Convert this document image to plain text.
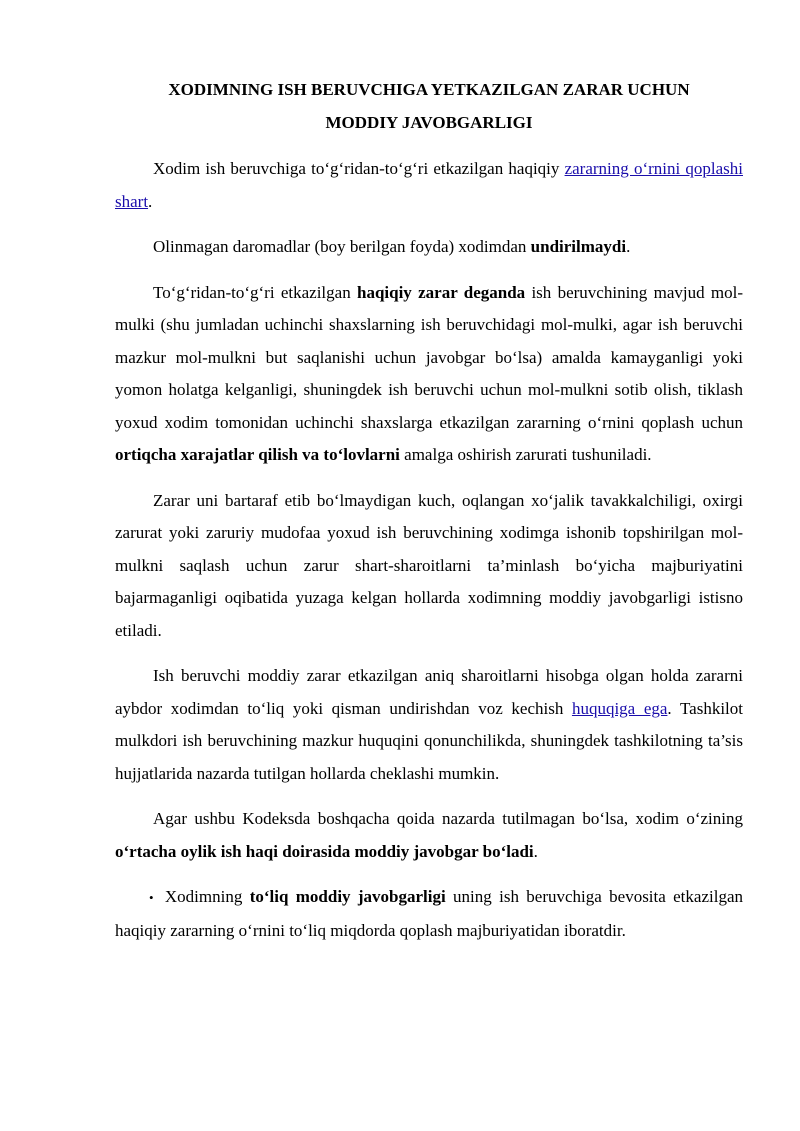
XODIMNING ISH BERUVCHIGA YETKAZILGAN ZARAR UCHUN
MODDIY JAVOBGARLIGI

Xodim ish beruvchiga to‘g‘ridan-to‘g‘ri etkazilgan haqiqiy zararning o‘rnini qoplashi shart.

Olinmagan daromadlar (boy berilgan foyda) xodimdan undirilmaydi.

To‘g‘ridan-to‘g‘ri etkazilgan haqiqiy zarar deganda ish beruvchining mavjud mol-mulki (shu jumladan uchinchi shaxslarning ish beruvchidagi mol-mulki, agar ish beruvchi mazkur mol-mulkni but saqlanishi uchun javobgar bo‘lsa) amalda kamayganligi yoki yomon holatga kelganligi, shuningdek ish beruvchi uchun mol-mulkni sotib olish, tiklash yoxud xodim tomonidan uchinchi shaxslarga etkazilgan zararning o‘rnini qoplash uchun ortiqcha xarajatlar qilish va to‘lovlarni amalga oshirish zarurati tushuniladi.

Zarar uni bartaraf etib bo‘lmaydigan kuch, oqlangan xo‘jalik tavakkalchiligi, oxirgi zarurat yoki zaruriy mudofaa yoxud ish beruvchining xodimga ishonib topshirilgan mol-mulkni saqlash uchun zarur shart-sharoitlarni ta’minlash bo‘yicha majburiyatini bajarmaganligi oqibatida yuzaga kelgan hollarda xodimning moddiy javobgarligi istisno etiladi.

Ish beruvchi moddiy zarar etkazilgan aniq sharoitlarni hisobga olgan holda zararni aybdor xodimdan to‘liq yoki qisman undirishdan voz kechish huquqiga ega. Tashkilot mulkdori ish beruvchining mazkur huquqini qonunchilikda, shuningdek tashkilotning ta’sis hujjatlarida nazarda tutilgan hollarda cheklashi mumkin.

Agar ushbu Kodeksda boshqacha qoida nazarda tutilmagan bo‘lsa, xodim o‘zining o‘rtacha oylik ish haqi doirasida moddiy javobgar bo‘ladi.

• Xodimning to‘liq moddiy javobgarligi uning ish beruvchiga bevosita etkazilgan haqiqiy zararning o‘rnini to‘liq miqdorda qoplash majburiyatidan iboratdir.
